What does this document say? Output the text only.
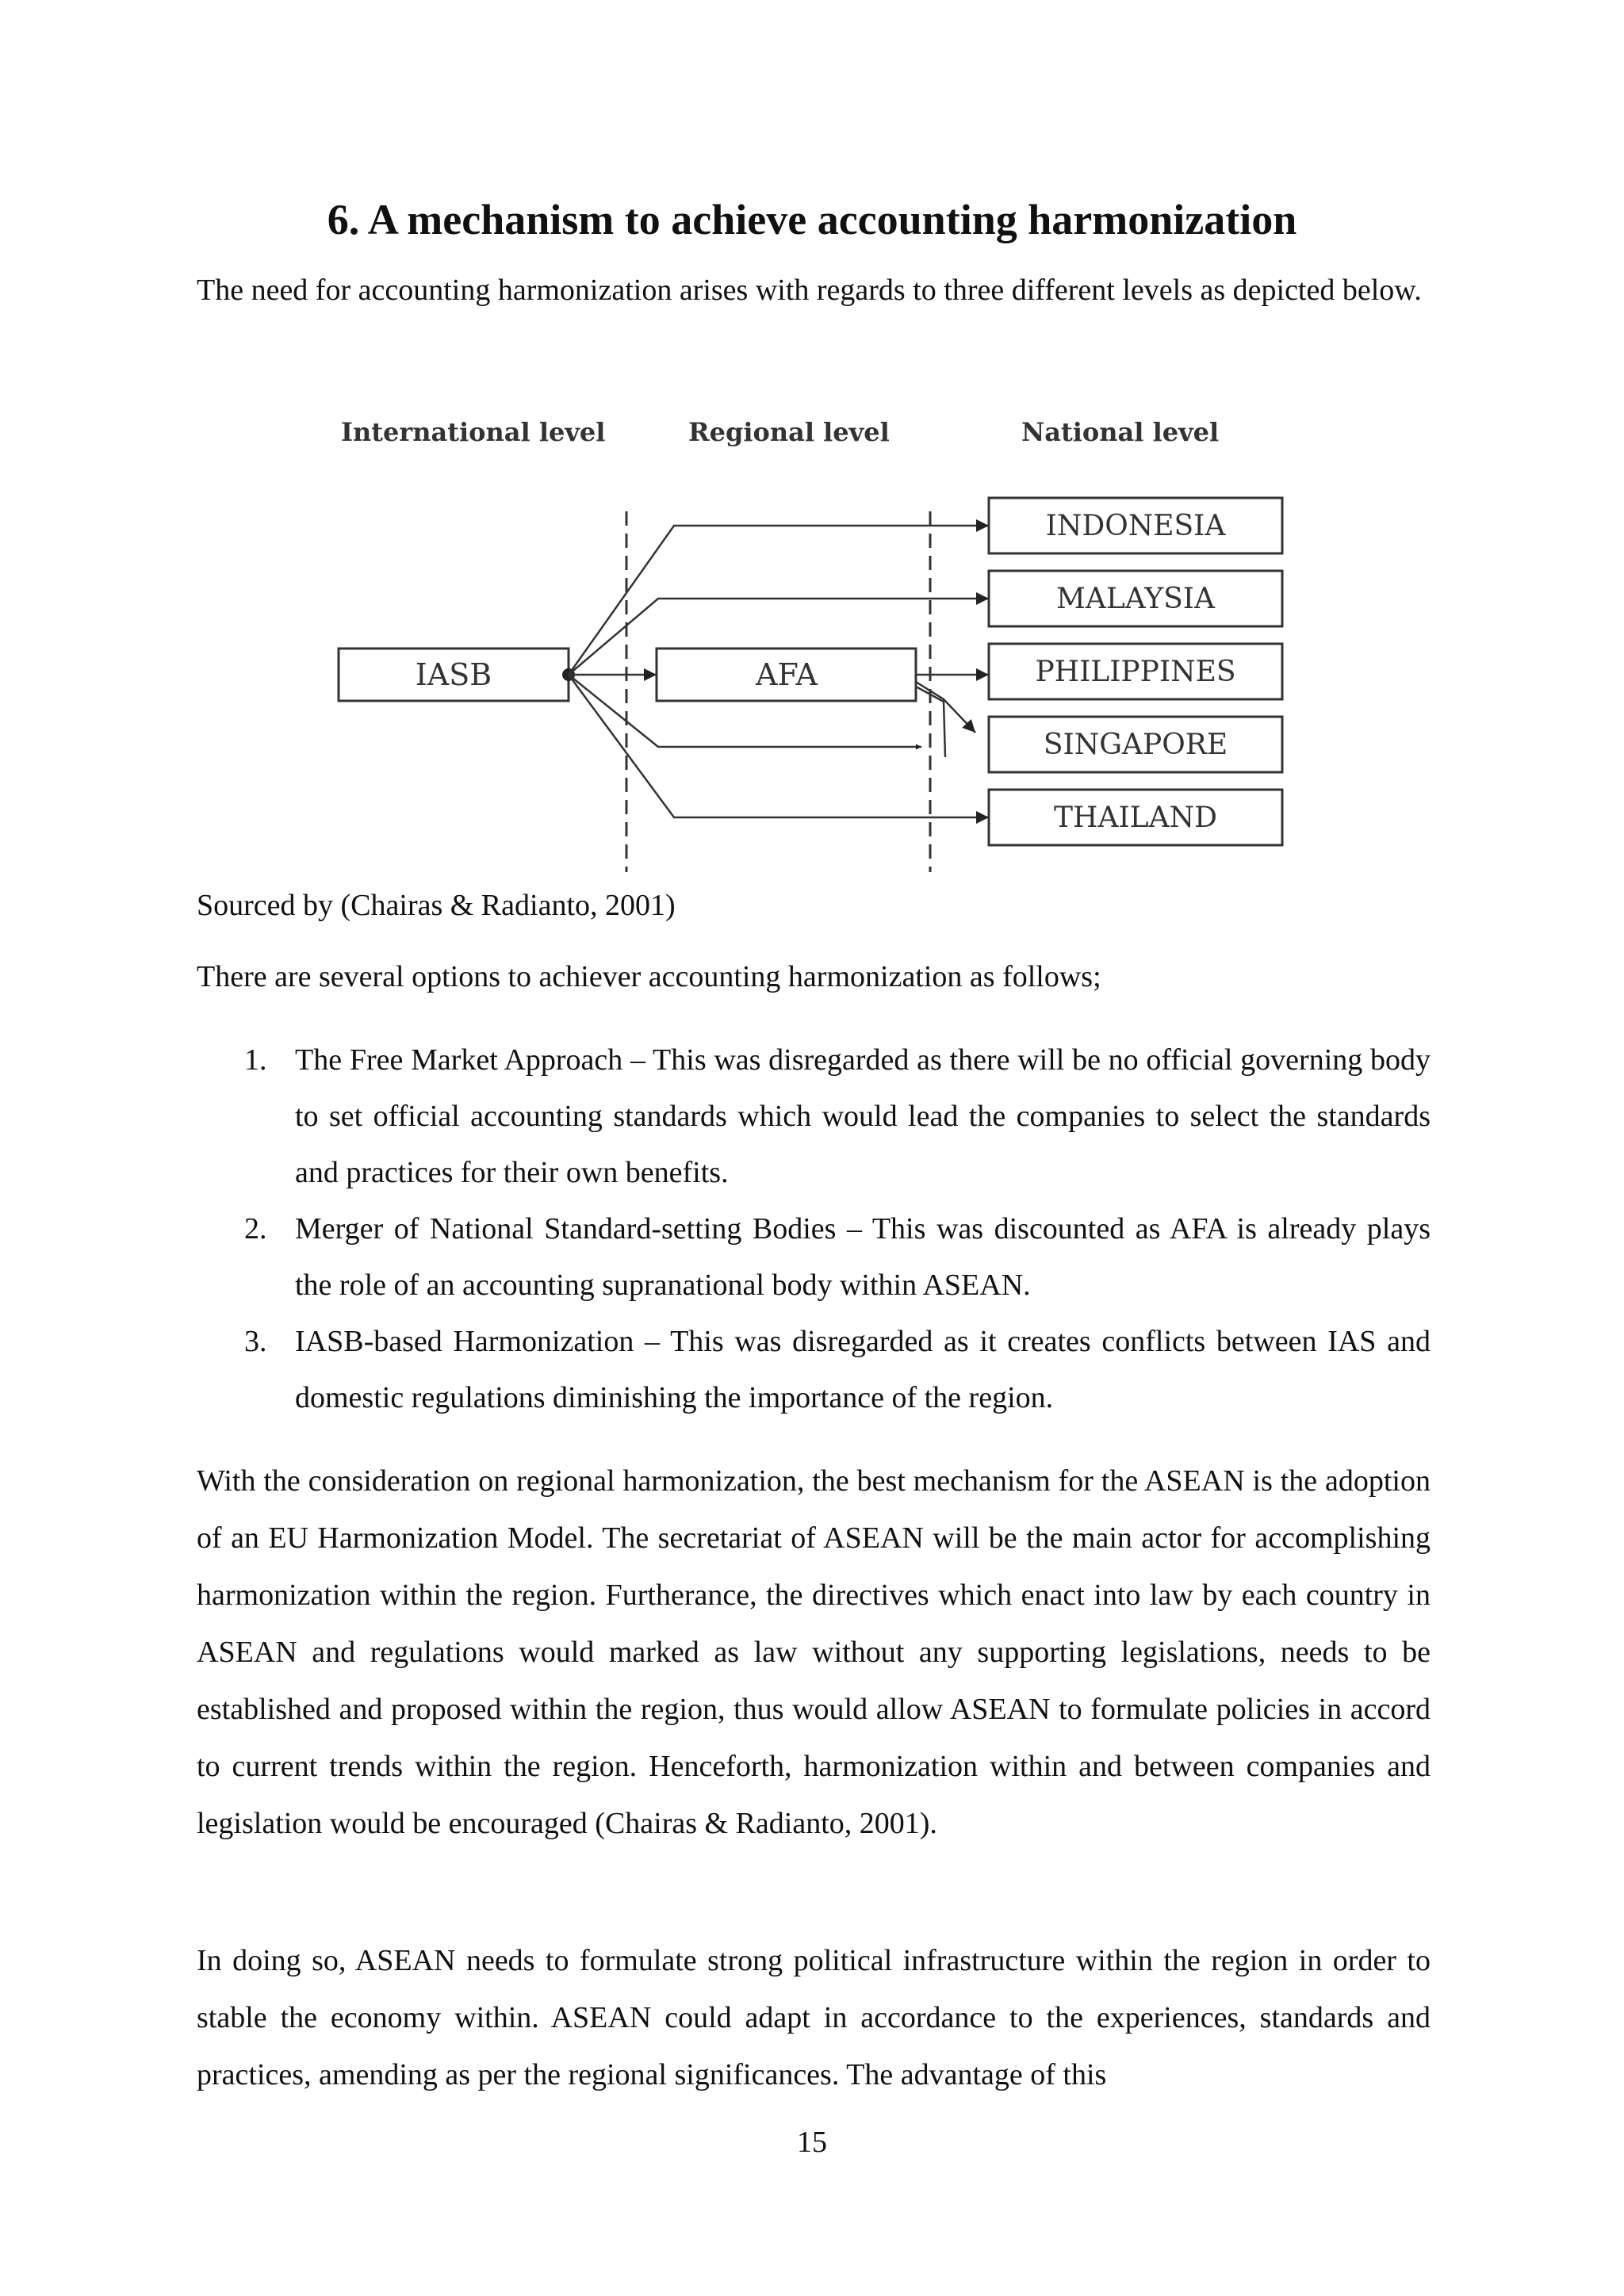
6. A mechanism to achieve accounting harmonization

The need for accounting harmonization arises with regards to three different levels as depicted below.

International level	Regional level	National level
IASB	AFA
INDONESIA
MALAYSIA
PHILIPPINES
SINGAPORE
THAILAND

Sourced by (Chairas & Radianto, 2001)

There are several options to achiever accounting harmonization as follows;

1. The Free Market Approach – This was disregarded as there will be no official governing body to set official accounting standards which would lead the companies to select the standards and practices for their own benefits.
2. Merger of National Standard-setting Bodies – This was discounted as AFA is already plays the role of an accounting supranational body within ASEAN.
3. IASB-based Harmonization – This was disregarded as it creates conflicts between IAS and domestic regulations diminishing the importance of the region.

With the consideration on regional harmonization, the best mechanism for the ASEAN is the adoption of an EU Harmonization Model. The secretariat of ASEAN will be the main actor for accomplishing harmonization within the region. Furtherance, the directives which enact into law by each country in ASEAN and regulations would marked as law without any supporting legislations, needs to be established and proposed within the region, thus would allow ASEAN to formulate policies in accord to current trends within the region. Henceforth, harmonization within and between companies and legislation would be encouraged (Chairas & Radianto, 2001).

In doing so, ASEAN needs to formulate strong political infrastructure within the region in order to stable the economy within. ASEAN could adapt in accordance to the experiences, standards and practices, amending as per the regional significances. The advantage of this

15
